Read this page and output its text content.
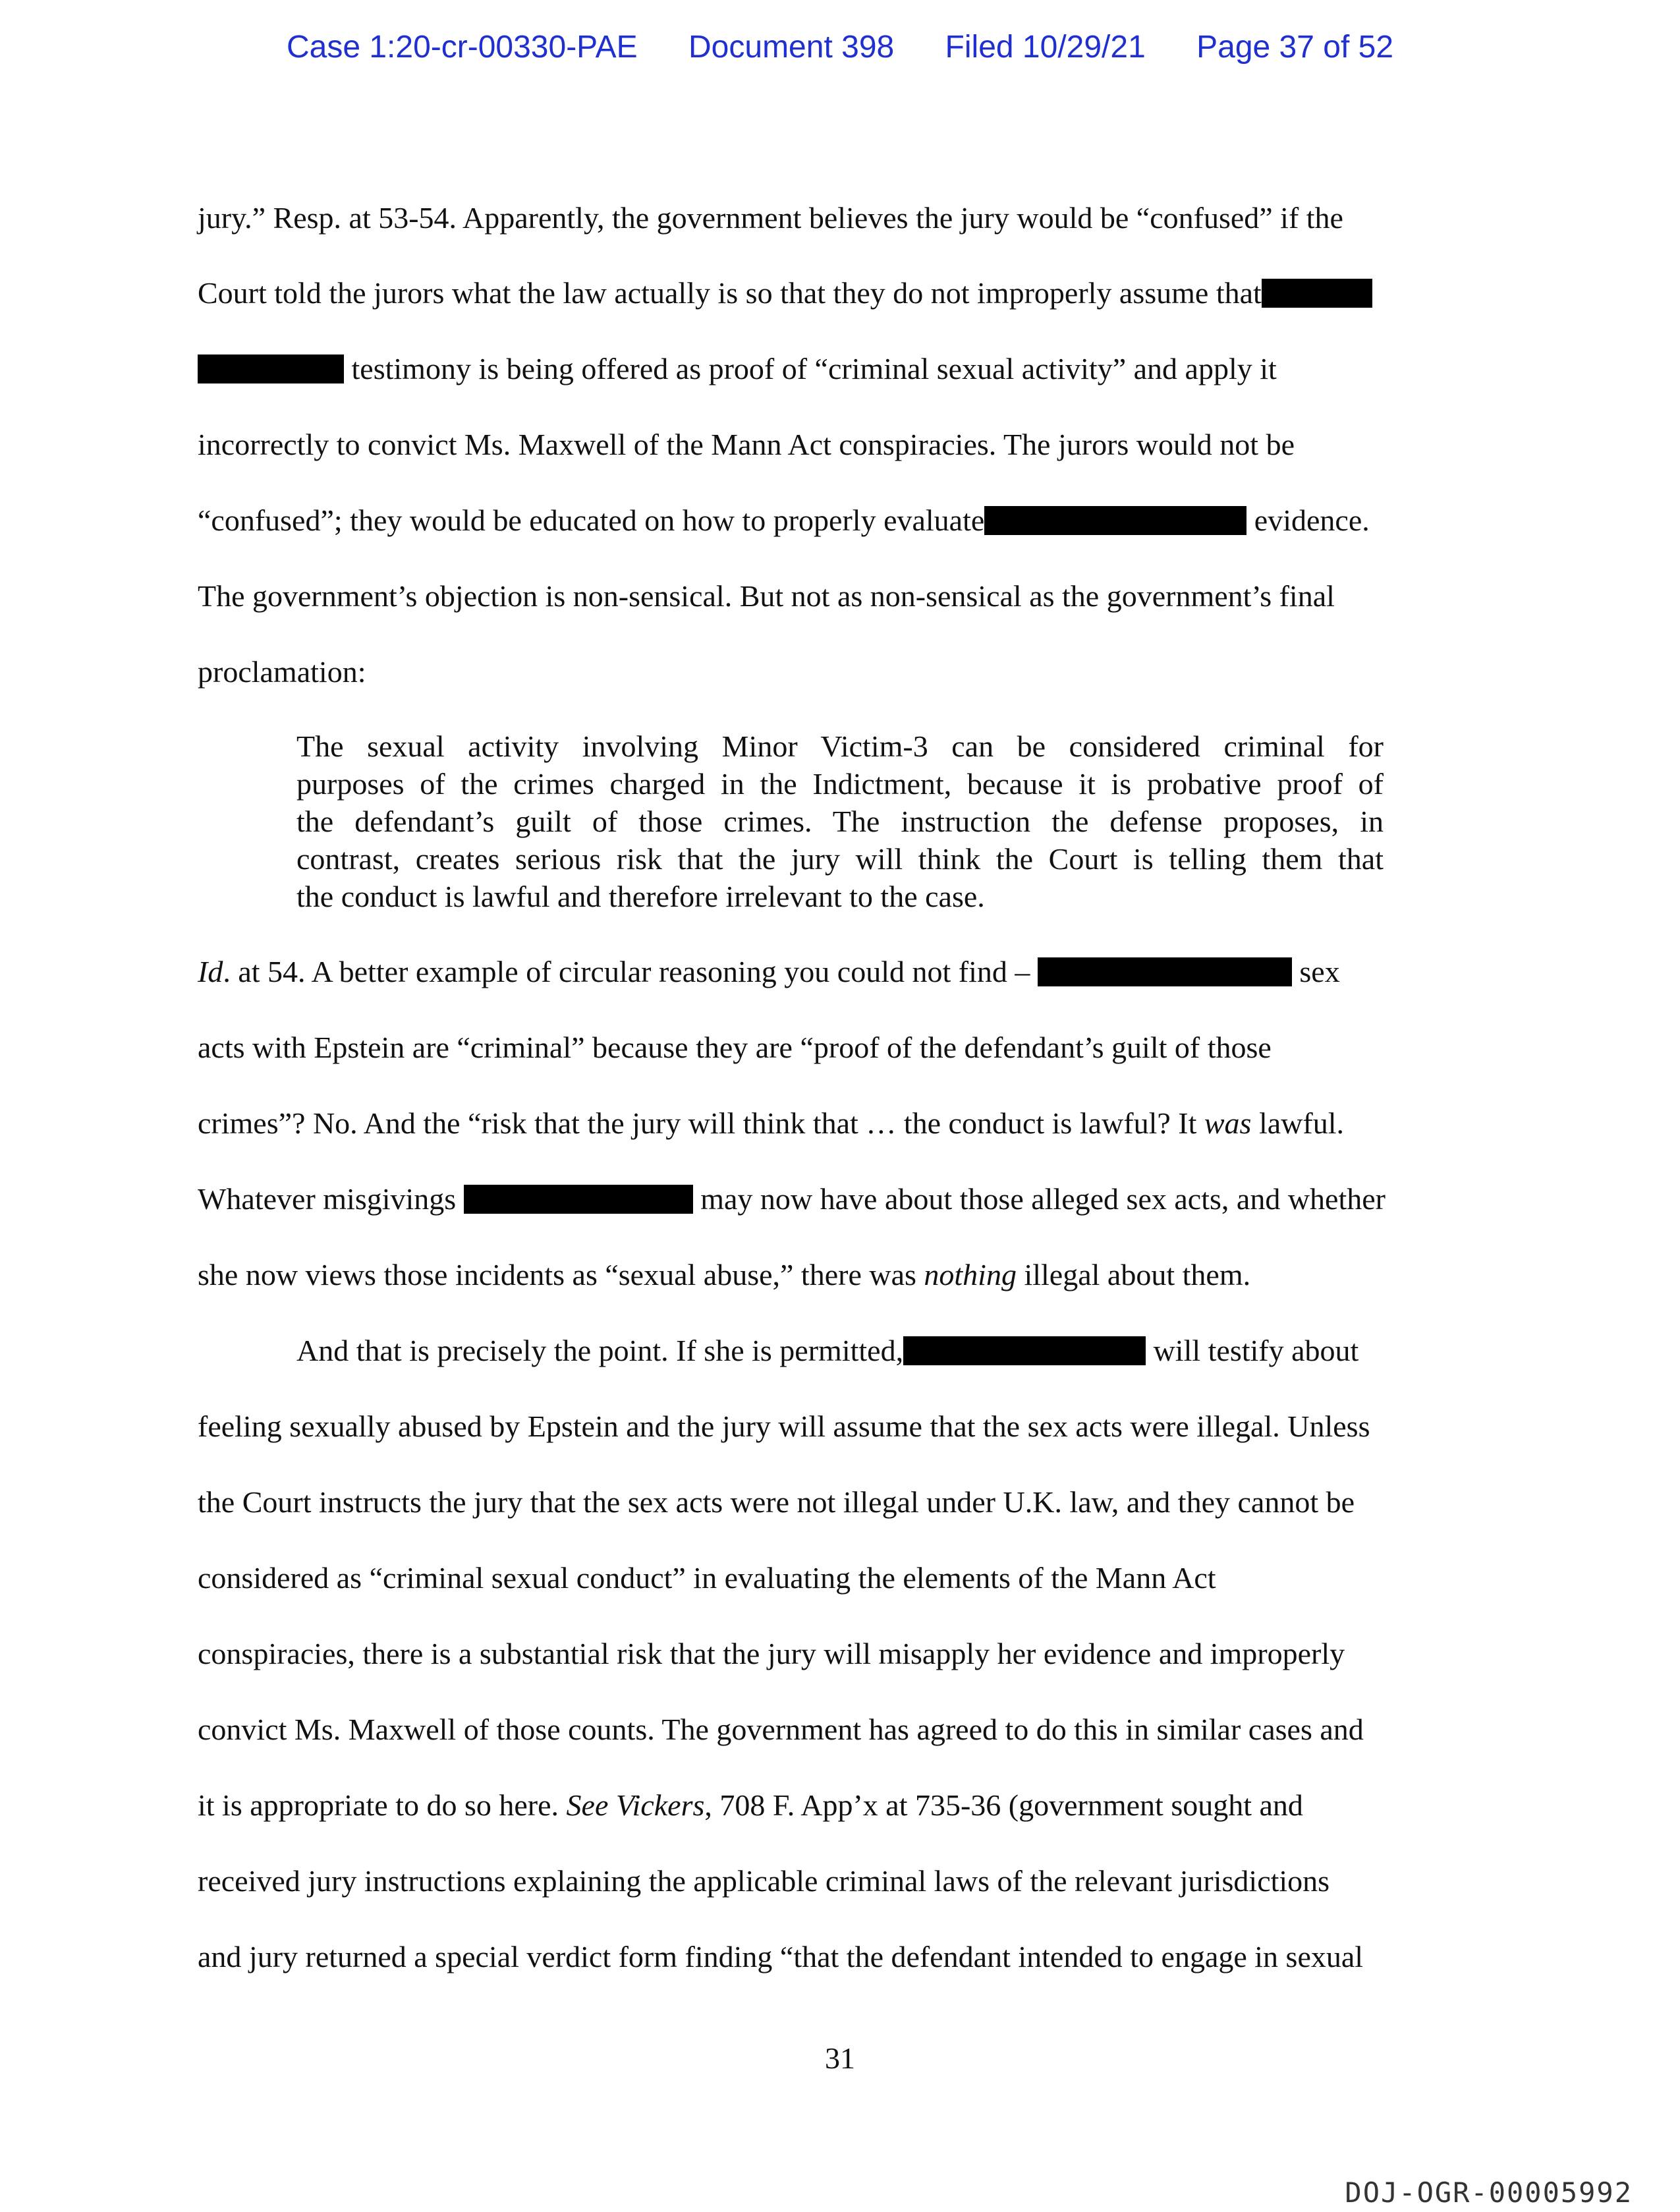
Case 1:20-cr-00330-PAE Document 398 Filed 10/29/21 Page 37 of 52
jury.” Resp. at 53-54. Apparently, the government believes the jury would be “confused” if the
Court told the jurors what the law actually is so that they do not improperly assume that
testimony is being offered as proof of “criminal sexual activity” and apply it
incorrectly to convict Ms. Maxwell of the Mann Act conspiracies. The jurors would not be
“confused”; they would be educated on how to properly evaluate	evidence.
The government’s objection is non-sensical. But not as non-sensical as the government’s final
proclamation:
The sexual activity involving Minor Victim-3 can be considered criminal for
purposes of the crimes charged in the Indictment, because it is probative proof of
the defendant’s guilt of those crimes. The instruction the defense proposes, in
contrast, creates serious risk that the jury will think the Court is telling them that
the conduct is lawful and therefore irrelevant to the case.
Id. at 54. A better example of circular reasoning you could not find –	sex
acts with Epstein are “criminal” because they are “proof of the defendant’s guilt of those
crimes”? No. And the “risk that the jury will think that … the conduct is lawful? It was lawful.
Whatever misgivings	may now have about those alleged sex acts, and whether
she now views those incidents as “sexual abuse,” there was nothing illegal about them.
And that is precisely the point. If she is permitted,	will testify about
feeling sexually abused by Epstein and the jury will assume that the sex acts were illegal. Unless
the Court instructs the jury that the sex acts were not illegal under U.K. law, and they cannot be
considered as “criminal sexual conduct” in evaluating the elements of the Mann Act
conspiracies, there is a substantial risk that the jury will misapply her evidence and improperly
convict Ms. Maxwell of those counts. The government has agreed to do this in similar cases and
it is appropriate to do so here. See Vickers, 708 F. App’x at 735-36 (government sought and
received jury instructions explaining the applicable criminal laws of the relevant jurisdictions
and jury returned a special verdict form finding “that the defendant intended to engage in sexual
31
DOJ-OGR-00005992
